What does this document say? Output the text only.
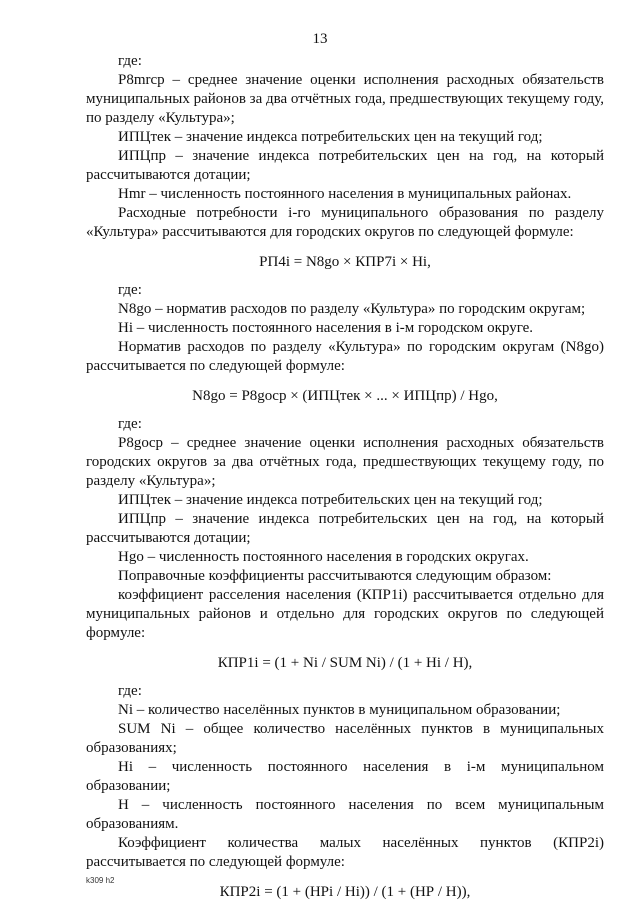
13

где:

Р8mrср – среднее значение оценки исполнения расходных обязательств муниципальных районов за два отчётных года, предшествующих текущему году, по разделу «Культура»;

ИПЦтек – значение индекса потребительских цен на текущий год;

ИПЦпр – значение индекса потребительских цен на год, на который рассчитываются дотации;

Нmr – численность постоянного населения в муниципальных районах.

Расходные потребности i-го муниципального образования по разделу «Культура» рассчитываются для городских округов по следующей формуле:

РП4i = N8go × КПР7i × Нi,

где:

N8go – норматив расходов по разделу «Культура» по городским округам;

Нi – численность постоянного населения в i-м городском округе.

Норматив расходов по разделу «Культура» по городским округам (N8go) рассчитывается по следующей формуле:

N8go = Р8goср × (ИПЦтек × ... × ИПЦпр) / Нgo,

где:

Р8goср – среднее значение оценки исполнения расходных обязательств городских округов за два отчётных года, предшествующих текущему году, по разделу «Культура»;

ИПЦтек – значение индекса потребительских цен на текущий год;

ИПЦпр – значение индекса потребительских цен на год, на который рассчитываются дотации;

Нgo – численность постоянного населения в городских округах.

Поправочные коэффициенты рассчитываются следующим образом:

коэффициент расселения населения (КПР1i) рассчитывается отдельно для муниципальных районов и отдельно для городских округов по следующей формуле:

КПР1i = (1 + Ni / SUM Ni) / (1 + Нi / Н),

где:

Ni – количество населённых пунктов в муниципальном образовании;

SUM Ni – общее количество населённых пунктов в муниципальных образованиях;

Нi – численность постоянного населения в i-м муниципальном образовании;

Н – численность постоянного населения по всем муниципальным образованиям.

Коэффициент количества малых населённых пунктов (КПР2i) рассчитывается по следующей формуле:

КПР2i = (1 + (НРi / Нi)) / (1 + (НР / Н)),

k309 h2
